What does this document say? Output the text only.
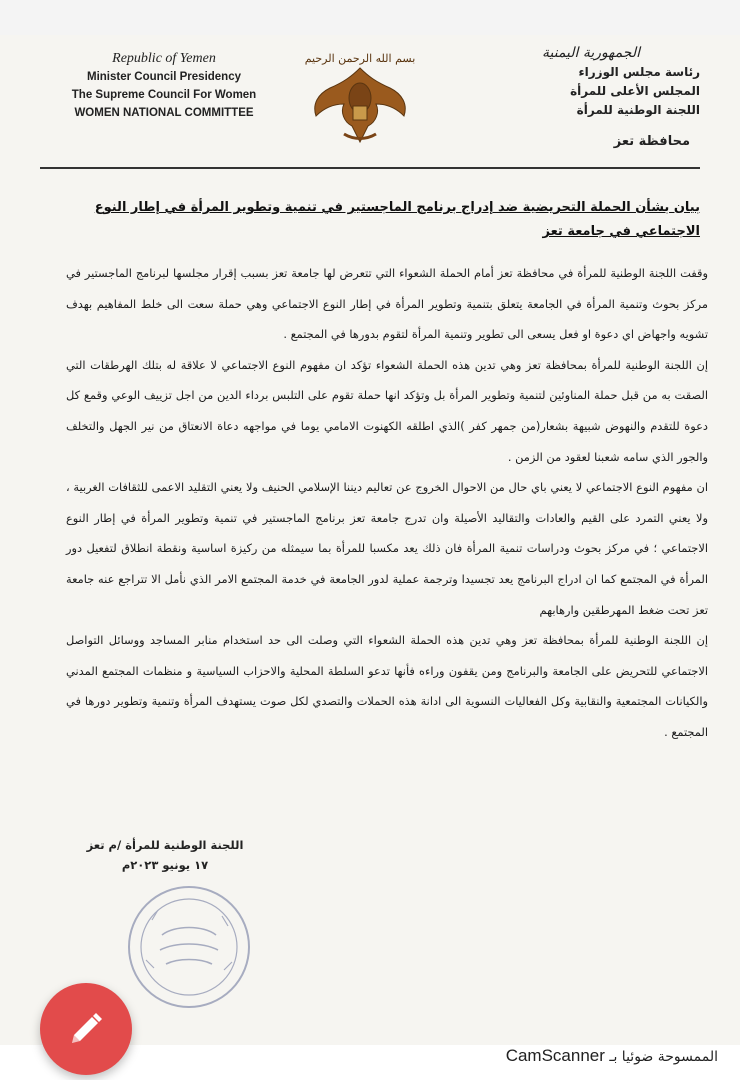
Republic of Yemen
Minister Council Presidency
The Supreme Council For Women
WOMEN NATIONAL COMMITTEE
بسم الله الرحمن الرحيم	الجمهورية اليمنية
رئاسة مجلس الوزراء
المجلس الأعلى للمرأة
اللجنة الوطنية للمرأة
محافظة تعز
بيان بشأن الحملة التحريضية ضد إدراج برنامج الماجستير في تنمية وتطوير المرأة في إطار النوع الاجتماعي في جامعة تعز

وقفت اللجنة الوطنية للمرأة في محافظة تعز أمام الحملة الشعواء التي تتعرض لها جامعة تعز بسبب إقرار مجلسها لبرنامج الماجستير في مركز بحوث وتنمية المرأة في الجامعة يتعلق بتنمية وتطوير المرأة في إطار النوع الاجتماعي وهي حملة سعت الى خلط المفاهيم بهدف تشويه واجهاض اي دعوة او فعل يسعى الى تطوير وتنمية المرأة لتقوم بدورها في المجتمع .

إن اللجنة الوطنية للمرأة بمحافظة تعز وهي تدين هذه الحملة الشعواء تؤكد ان مفهوم النوع الاجتماعي لا علاقة له بتلك الهرطقات التي الصقت به من قبل حملة المناوئين لتنمية وتطوير المرأة بل وتؤكد انها حملة تقوم على التلبس برداء الدين من اجل تزييف الوعي وقمع كل دعوة للتقدم والنهوض شبيهة بشعار(من جمهر كفر )الذي اطلقه الكهنوت الامامي يوما في مواجهه دعاة الانعتاق من نير الجهل والتخلف والجور الذي سامه شعبنا لعقود من الزمن .

ان مفهوم النوع الاجتماعي لا يعني باي حال من الاحوال الخروج عن تعاليم ديننا الإسلامي الحنيف ولا يعني التقليد الاعمى للثقافات الغربية ، ولا يعني التمرد على القيم والعادات والتقاليد الأصيلة وان تدرج جامعة تعز برنامج الماجستير في تنمية وتطوير المرأة في إطار النوع الاجتماعي ؛ في مركز بحوث ودراسات تنمية المرأة فان ذلك يعد مكسبا للمرأة بما سيمثله من ركيزة اساسية ونقطة انطلاق لتفعيل دور المرأة في المجتمع كما ان ادراج البرنامج يعد تجسيدا وترجمة عملية لدور الجامعة في خدمة المجتمع الامر الذي نأمل الا تتراجع عنه جامعة تعز تحت ضغط المهرطقين وارهابهم

إن اللجنة الوطنية للمرأة بمحافظة تعز وهي تدين هذه الحملة الشعواء التي وصلت الى حد استخدام منابر المساجد ووسائل التواصل الاجتماعي للتحريض على الجامعة والبرنامج ومن يقفون وراءه فأنها تدعو السلطة المحلية والاحزاب السياسية و منظمات المجتمع المدني والكيانات المجتمعية والنقابية وكل الفعاليات النسوية الى ادانة هذه الحملات والتصدي لكل صوت يستهدف المرأة وتنمية وتطوير دورها في المجتمع .

اللجنة الوطنية للمرأة /م تعز
١٧ يونيو ٢٠٢٣م
الممسوحة ضوئيا بـ CamScanner
